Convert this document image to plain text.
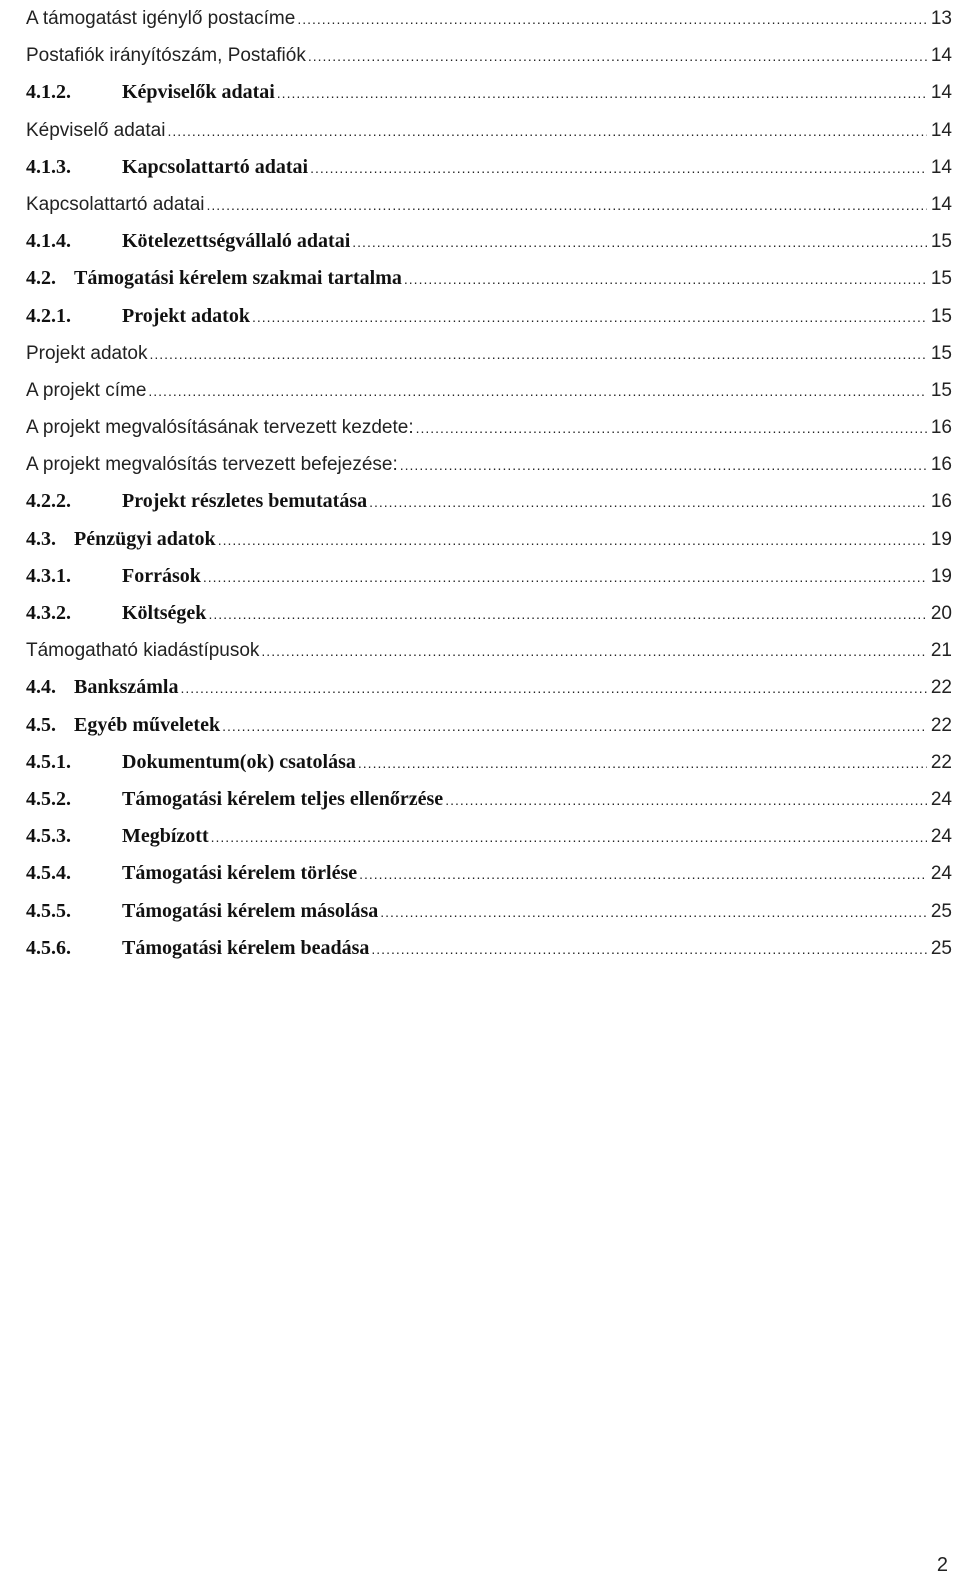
A támogatást igénylő postacíme .....	13
Postafiók irányítószám, Postafiók .....	14
4.1.2.	Képviselők adatai .....	14
Képviselő adatai .....	14
4.1.3.	Kapcsolattartó adatai .....	14
Kapcsolattartó adatai .....	14
4.1.4.	Kötelezettségvállaló adatai .....	15
4.2. Támogatási kérelem szakmai tartalma .....	15
4.2.1.	Projekt adatok .....	15
Projekt adatok .....	15
A projekt címe .....	15
A projekt megvalósításának tervezett kezdete: .....	16
A projekt megvalósítás tervezett befejezése: .....	16
4.2.2.	Projekt részletes bemutatása .....	16
4.3. Pénzügyi adatok .....	19
4.3.1.	Források .....	19
4.3.2.	Költségek .....	20
Támogatható kiadástípusok .....	21
4.4. Bankszámla .....	22
4.5. Egyéb műveletek .....	22
4.5.1.	Dokumentum(ok) csatolása .....	22
4.5.2.	Támogatási kérelem teljes ellenőrzése .....	24
4.5.3.	Megbízott .....	24
4.5.4.	Támogatási kérelem törlése .....	24
4.5.5.	Támogatási kérelem másolása .....	25
4.5.6.	Támogatási kérelem beadása .....	25
2
